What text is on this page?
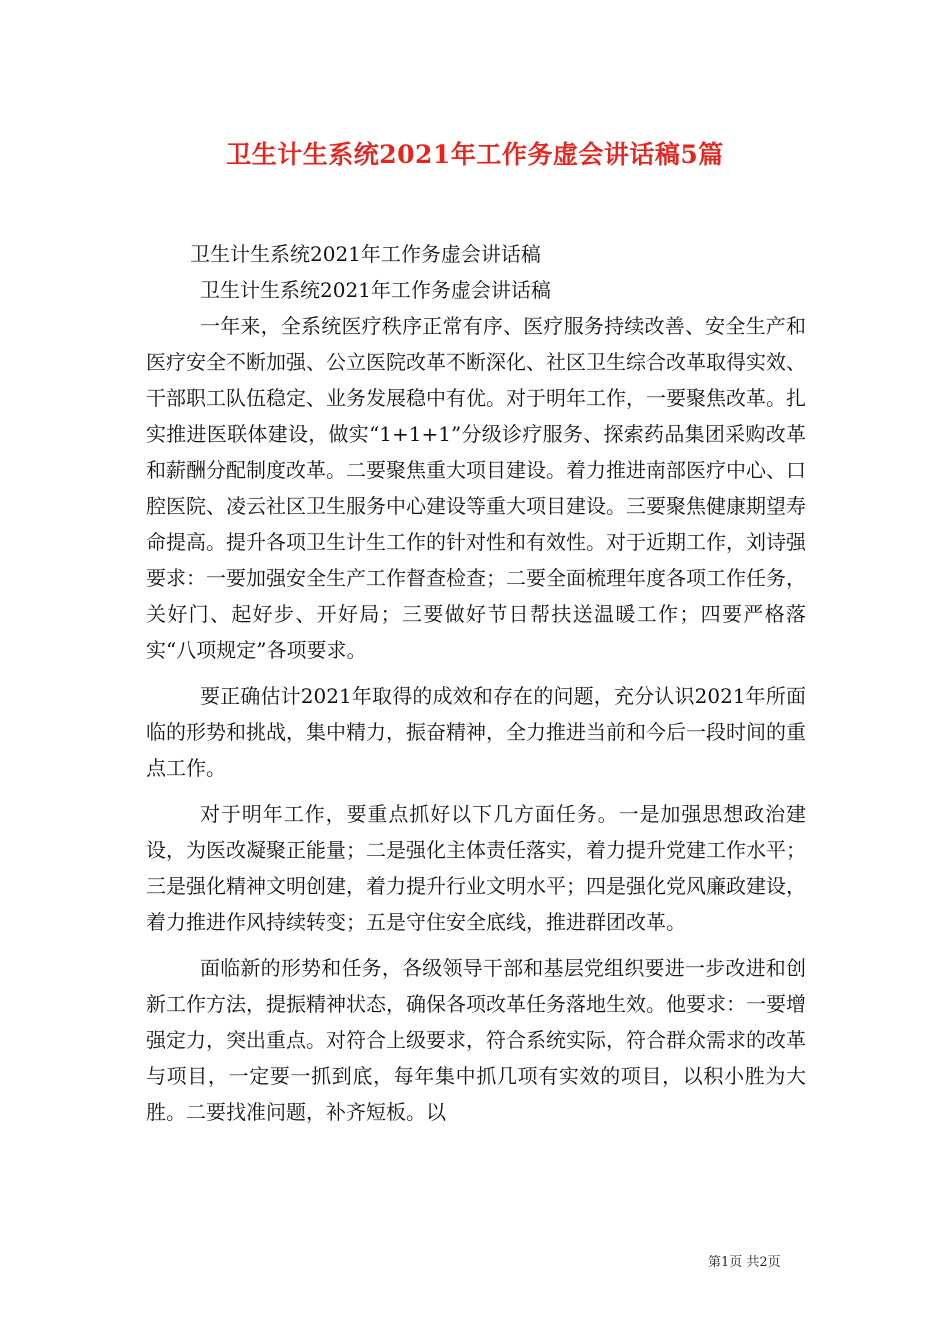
卫生计生系统2021年工作务虚会讲话稿5篇

卫生计生系统2021年工作务虚会讲话稿

卫生计生系统2021年工作务虚会讲话稿

一年来，全系统医疗秩序正常有序、医疗服务持续改善、安全生产和医疗安全不断加强、公立医院改革不断深化、社区卫生综合改革取得实效、干部职工队伍稳定、业务发展稳中有优。对于明年工作，一要聚焦改革。扎实推进医联体建设，做实“1+1+1”分级诊疗服务、探索药品集团采购改革和薪酬分配制度改革。二要聚焦重大项目建设。着力推进南部医疗中心、口腔医院、凌云社区卫生服务中心建设等重大项目建设。三要聚焦健康期望寿命提高。提升各项卫生计生工作的针对性和有效性。对于近期工作，刘诗强要求：一要加强安全生产工作督查检查；二要全面梳理年度各项工作任务，关好门、起好步、开好局；三要做好节日帮扶送温暖工作；四要严格落实“八项规定”各项要求。

要正确估计2021年取得的成效和存在的问题，充分认识2021年所面临的形势和挑战，集中精力，振奋精神，全力推进当前和今后一段时间的重点工作。

对于明年工作，要重点抓好以下几方面任务。一是加强思想政治建设，为医改凝聚正能量；二是强化主体责任落实，着力提升党建工作水平；三是强化精神文明创建，着力提升行业文明水平；四是强化党风廉政建设，着力推进作风持续转变；五是守住安全底线，推进群团改革。

面临新的形势和任务，各级领导干部和基层党组织要进一步改进和创新工作方法，提振精神状态，确保各项改革任务落地生效。他要求：一要增强定力，突出重点。对符合上级要求，符合系统实际，符合群众需求的改革与项目，一定要一抓到底，每年集中抓几项有实效的项目，以积小胜为大胜。二要找准问题，补齐短板。以

第1页 共2页
